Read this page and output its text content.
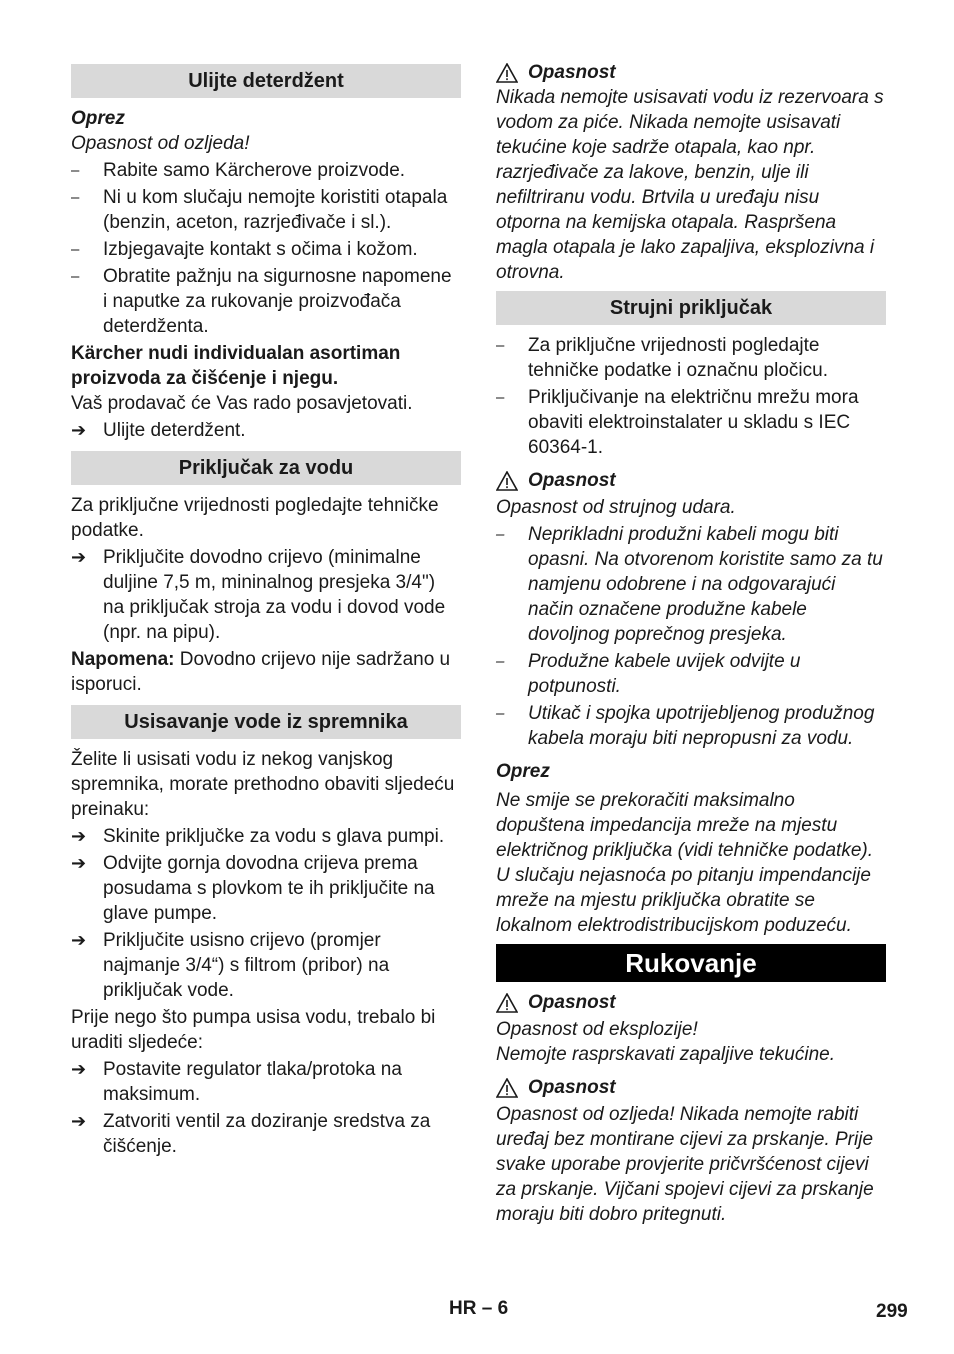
Ulijte deterdžent

Oprez

Opasnost od ozljeda!

–	Rabite samo Kärcherove proizvode.
–	Ni u kom slučaju nemojte koristiti otapala (benzin, aceton, razrjeđivače i sl.).
–	Izbjegavajte kontakt s očima i kožom.
–	Obratite pažnju na sigurnosne napomene i naputke za rukovanje proizvođača deterdženta.

Kärcher nudi individualan asortiman proizvoda za čišćenje i njegu.

Vaš prodavač će Vas rado posavjetovati.

➔ Ulijte deterdžent.
Priključak za vodu

Za priključne vrijednosti pogledajte tehničke podatke.

➔ Priključite dovodno crijevo (minimalne duljine 7,5 m, mininalnog presjeka 3/4") na priključak stroja za vodu i dovod vode (npr. na pipu).

Napomena: Dovodno crijevo nije sadržano u isporuci.

Usisavanje vode iz spremnika

Želite li usisati vodu iz nekog vanjskog spremnika, morate prethodno obaviti sljedeću preinaku:

➔ Skinite priključke za vodu s glava pumpi.
➔ Odvijte gornja dovodna crijeva prema posudama s plovkom te ih priključite na glave pumpe.
➔ Priključite usisno crijevo (promjer najmanje 3/4“) s filtrom (pribor) na priključak vode.

Prije nego što pumpa usisa vodu, trebalo bi uraditi sljedeće:

➔ Postavite regulator tlaka/protoka na maksimum.
➔ Zatvoriti ventil za doziranje sredstva za čišćenje.
Opasnost

Nikada nemojte usisavati vodu iz rezervoara s vodom za piće. Nikada nemojte usisavati tekućine koje sadrže otapala, kao npr. razrjeđivače za lakove, benzin, ulje ili nefiltriranu vodu. Brtvila u uređaju nisu otporna na kemijska otapala. Raspršena magla otapala je lako zapaljiva, eksplozivna i otrovna.

Strujni priključak
–	Za priključne vrijednosti pogledajte tehničke podatke i označnu pločicu.
–	Priključivanje na električnu mrežu mora obaviti elektroinstalater u skladu s IEC 60364-1.
Opasnost

Opasnost od strujnog udara.

–	Neprikladni produžni kabeli mogu biti opasni. Na otvorenom koristite samo za tu namjenu odobrene i na odgovarajući način označene produžne kabele dovoljnog poprečnog presjeka.
–	Produžne kabele uvijek odvijte u potpunosti.
–	Utikač i spojka upotrijebljenog produžnog kabela moraju biti nepropusni za vodu.

Oprez

Ne smije se prekoračiti maksimalno dopuštena impedancija mreže na mjestu električnog priključka (vidi tehničke podatke). U slučaju nejasnoća po pitanju impendancije mreže na mjestu priključka obratite se lokalnom elektrodistribucijskom poduzeću.

Rukovanje
Opasnost

Opasnost od eksplozije!

Nemojte rasprskavati zapaljive tekućine.

Opasnost

Opasnost od ozljeda! Nikada nemojte rabiti uređaj bez montirane cijevi za prskanje. Prije svake uporabe provjerite pričvršćenost cijevi za prskanje. Vijčani spojevi cijevi za prskanje moraju biti dobro pritegnuti.

HR – 6	299
